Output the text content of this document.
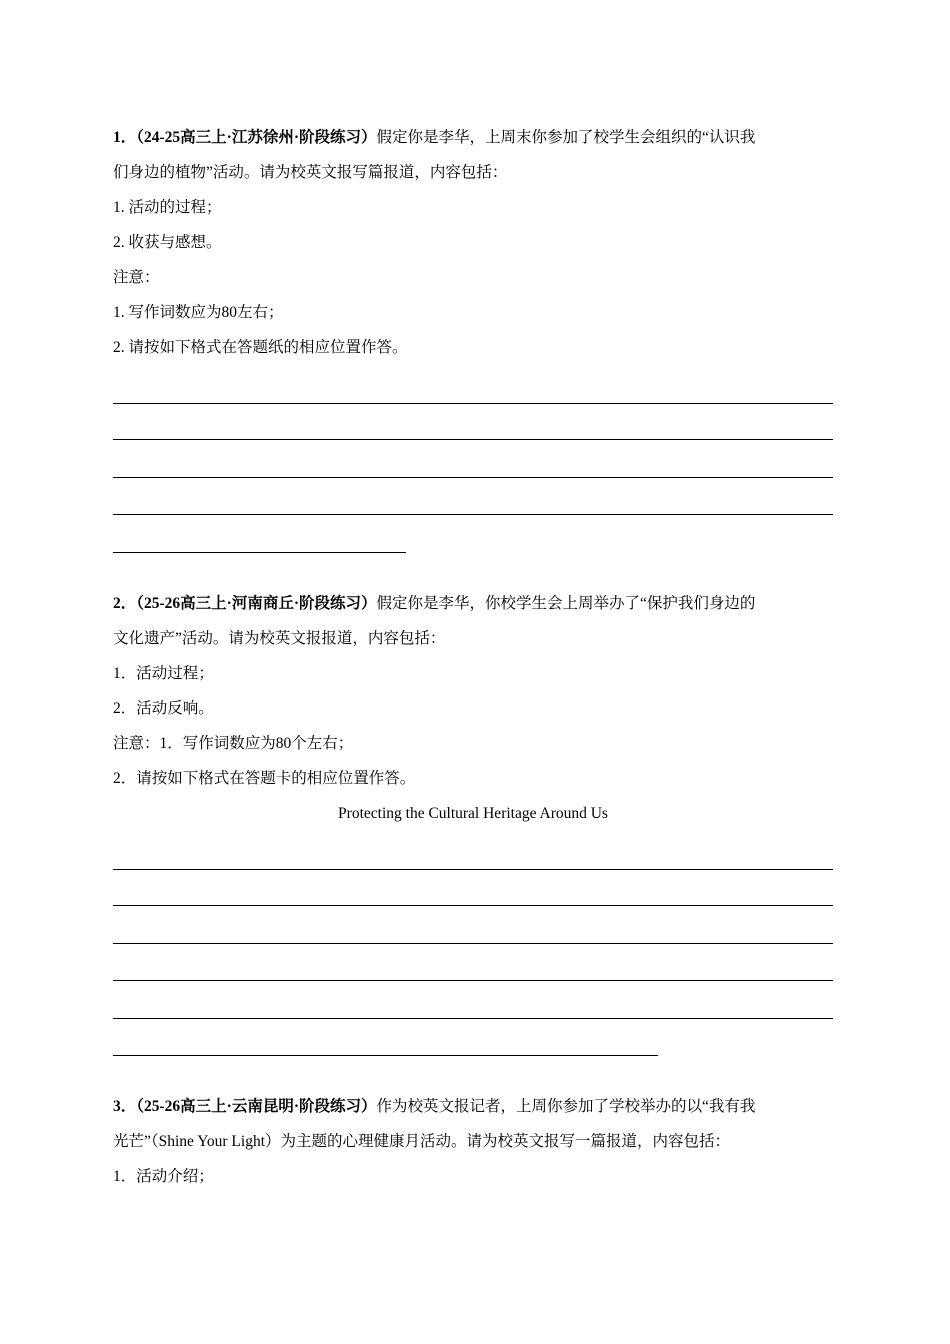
1．（24-25高三上·江苏徐州·阶段练习）假定你是李华，上周末你参加了校学生会组织的“认识我
们身边的植物”活动。请为校英文报写篇报道，内容包括：
1. 活动的过程；
2. 收获与感想。
注意：
1. 写作词数应为80左右；
2. 请按如下格式在答题纸的相应位置作答。
2．（25-26高三上·河南商丘·阶段练习）假定你是李华，你校学生会上周举办了“保护我们身边的
文化遗产”活动。请为校英文报报道，内容包括：
1．活动过程；
2．活动反响。
注意：1．写作词数应为80个左右；
2．请按如下格式在答题卡的相应位置作答。
Protecting the Cultural Heritage Around Us
3．（25-26高三上·云南昆明·阶段练习）作为校英文报记者，上周你参加了学校举办的以“我有我
光芒”（Shine Your Light）为主题的心理健康月活动。请为校英文报写一篇报道，内容包括：
1．活动介绍；
